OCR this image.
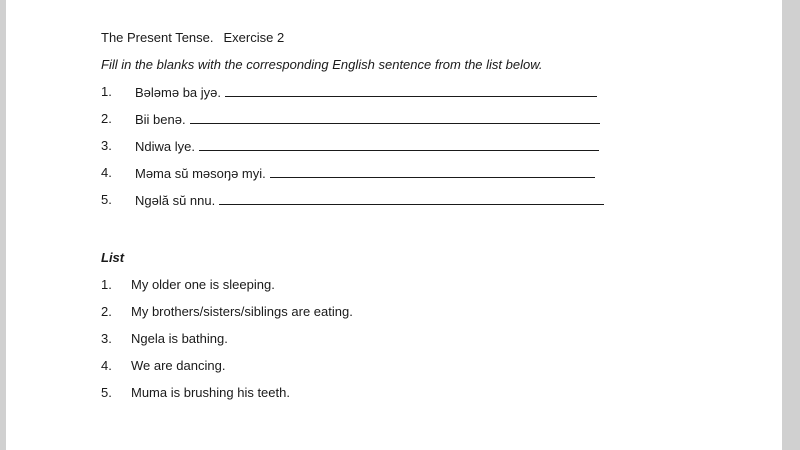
The Present Tense. Exercise 2
Fill in the blanks with the corresponding English sentence from the list below.
1.	Bələmə ba jyə.
2.	Bii benə.
3.	Ndiwa lye.
4.	Məma sŭ məsoŋə myi.
5.	Ngəlă sŭ nnu.
List
1.	My older one is sleeping.
2.	My brothers/sisters/siblings are eating.
3.	Ngela is bathing.
4.	We are dancing.
5.	Muma is brushing his teeth.
